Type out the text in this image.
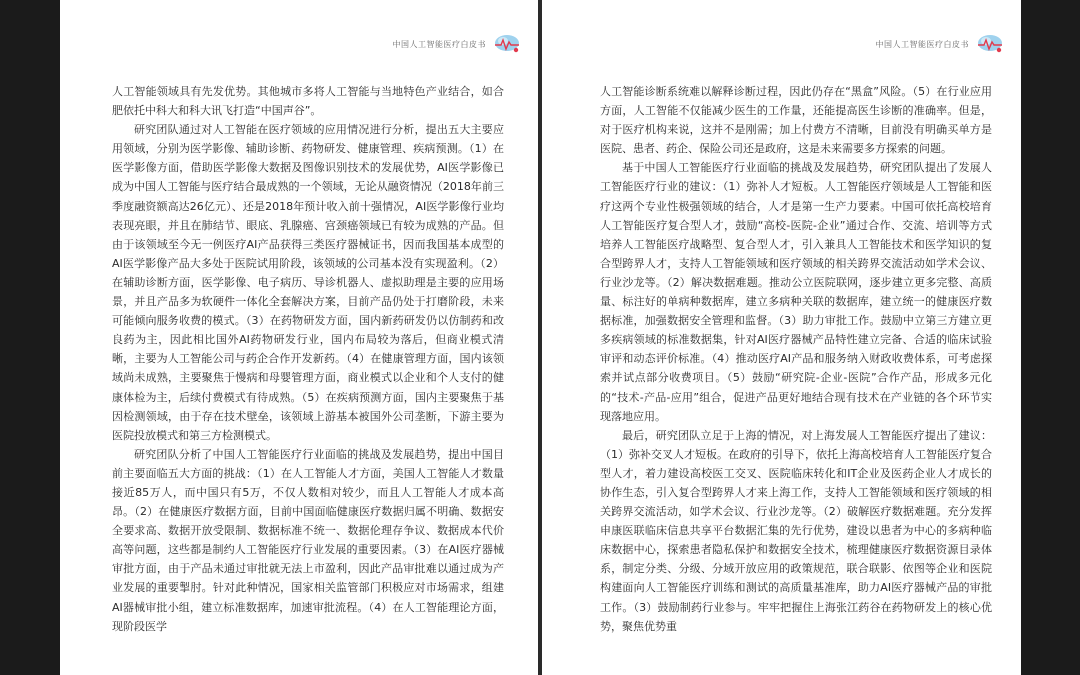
中国人工智能医疗白皮书

人工智能领域具有先发优势。其他城市多将人工智能与当地特色产业结合，如合肥依托中科大和科大讯飞打造“中国声谷”。

研究团队通过对人工智能在医疗领域的应用情况进行分析，提出五大主要应用领域，分别为医学影像、辅助诊断、药物研发、健康管理、疾病预测。（1）在医学影像方面，借助医学影像大数据及图像识别技术的发展优势，AI医学影像已成为中国人工智能与医疗结合最成熟的一个领域，无论从融资情况（2018年前三季度融资额高达26亿元）、还是2018年预计收入前十强情况，AI医学影像行业均表现亮眼，并且在肺结节、眼底、乳腺癌、宫颈癌领域已有较为成熟的产品。但由于该领域至今无一例医疗AI产品获得三类医疗器械证书，因而我国基本成型的AI医学影像产品大多处于医院试用阶段，该领域的公司基本没有实现盈利。（2）在辅助诊断方面，医学影像、电子病历、导诊机器人、虚拟助理是主要的应用场景，并且产品多为软硬件一体化全套解决方案，目前产品仍处于打磨阶段，未来可能倾向服务收费的模式。（3）在药物研发方面，国内新药研发仍以仿制药和改良药为主，因此相比国外AI药物研发行业，国内布局较为落后，但商业模式清晰，主要为人工智能公司与药企合作开发新药。（4）在健康管理方面，国内该领域尚未成熟，主要聚焦于慢病和母婴管理方面，商业模式以企业和个人支付的健康体检为主，后续付费模式有待成熟。（5）在疾病预测方面，国内主要聚焦于基因检测领域，由于存在技术壁垒，该领域上游基本被国外公司垄断，下游主要为医院投放模式和第三方检测模式。

研究团队分析了中国人工智能医疗行业面临的挑战及发展趋势，提出中国目前主要面临五大方面的挑战：（1）在人工智能人才方面，美国人工智能人才数量接近85万人，而中国只有5万，不仅人数相对较少，而且人工智能人才成本高昂。（2）在健康医疗数据方面，目前中国面临健康医疗数据归属不明确、数据安全要求高、数据开放受限制、数据标准不统一、数据伦理存争议、数据成本代价高等问题，这些都是制约人工智能医疗行业发展的重要因素。（3）在AI医疗器械审批方面，由于产品未通过审批就无法上市盈利，因此产品审批难以通过成为产业发展的重要掣肘。针对此种情况，国家相关监管部门积极应对市场需求，组建AI器械审批小组，建立标准数据库，加速审批流程。（4）在人工智能理论方面，现阶段医学

中国人工智能医疗白皮书

人工智能诊断系统难以解释诊断过程，因此仍存在“黑盒”风险。（5）在行业应用方面，人工智能不仅能减少医生的工作量，还能提高医生诊断的准确率。但是，对于医疗机构来说，这并不是刚需；加上付费方不清晰，目前没有明确买单方是医院、患者、药企、保险公司还是政府，这是未来需要多方探索的问题。

基于中国人工智能医疗行业面临的挑战及发展趋势，研究团队提出了发展人工智能医疗行业的建议：（1）弥补人才短板。人工智能医疗领域是人工智能和医疗这两个专业性极强领域的结合，人才是第一生产力要素。中国可依托高校培育人工智能医疗复合型人才，鼓励“高校-医院-企业”通过合作、交流、培训等方式培养人工智能医疗战略型、复合型人才，引入兼具人工智能技术和医学知识的复合型跨界人才，支持人工智能领域和医疗领域的相关跨界交流活动如学术会议、行业沙龙等。（2）解决数据难题。推动公立医院联网，逐步建立更多完整、高质量、标注好的单病种数据库，建立多病种关联的数据库，建立统一的健康医疗数据标准，加强数据安全管理和监督。（3）助力审批工作。鼓励中立第三方建立更多疾病领域的标准数据集，针对AI医疗器械产品特性建立完备、合适的临床试验审评和动态评价标准。（4）推动医疗AI产品和服务纳入财政收费体系，可考虑探索并试点部分收费项目。（5）鼓励“研究院-企业-医院”合作产品，形成多元化的“技术-产品-应用”组合，促进产品更好地结合现有技术在产业链的各个环节实现落地应用。

最后，研究团队立足于上海的情况，对上海发展人工智能医疗提出了建议：（1）弥补交叉人才短板。在政府的引导下，依托上海高校培育人工智能医疗复合型人才，着力建设高校医工交叉、医院临床转化和IT企业及医药企业人才成长的协作生态，引入复合型跨界人才来上海工作，支持人工智能领域和医疗领域的相关跨界交流活动，如学术会议、行业沙龙等。（2）破解医疗数据难题。充分发挥申康医联临床信息共享平台数据汇集的先行优势，建设以患者为中心的多病种临床数据中心，探索患者隐私保护和数据安全技术，梳理健康医疗数据资源目录体系，制定分类、分级、分域开放应用的政策规范，联合联影、依图等企业和医院构建面向人工智能医疗训练和测试的高质量基准库，助力AI医疗器械产品的审批工作。（3）鼓励制药行业参与。牢牢把握住上海张江药谷在药物研发上的核心优势，聚焦优势重
